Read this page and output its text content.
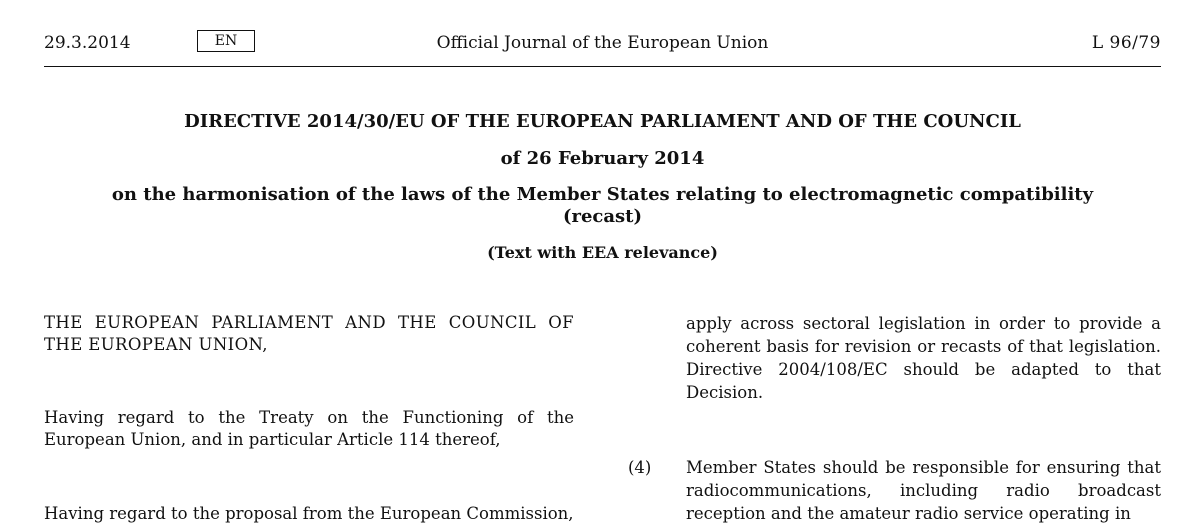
29.3.2014	EN	Official Journal of the European Union	L 96/79
DIRECTIVE 2014/30/EU OF THE EUROPEAN PARLIAMENT AND OF THE COUNCIL
of 26 February 2014
on the harmonisation of the laws of the Member States relating to electromagnetic compatibility
(recast)
(Text with EEA relevance)

THE EUROPEAN PARLIAMENT AND THE COUNCIL OF THE EUROPEAN UNION,

Having regard to the Treaty on the Functioning of the European Union, and in particular Article 114 thereof,

Having regard to the proposal from the European Commission,

apply across sectoral legislation in order to provide a coherent basis for revision or recasts of that legislation. Directive 2004/108/EC should be adapted to that Decision.
(4) Member States should be responsible for ensuring that radiocommunications, including radio broadcast reception and the amateur radio service operating in
